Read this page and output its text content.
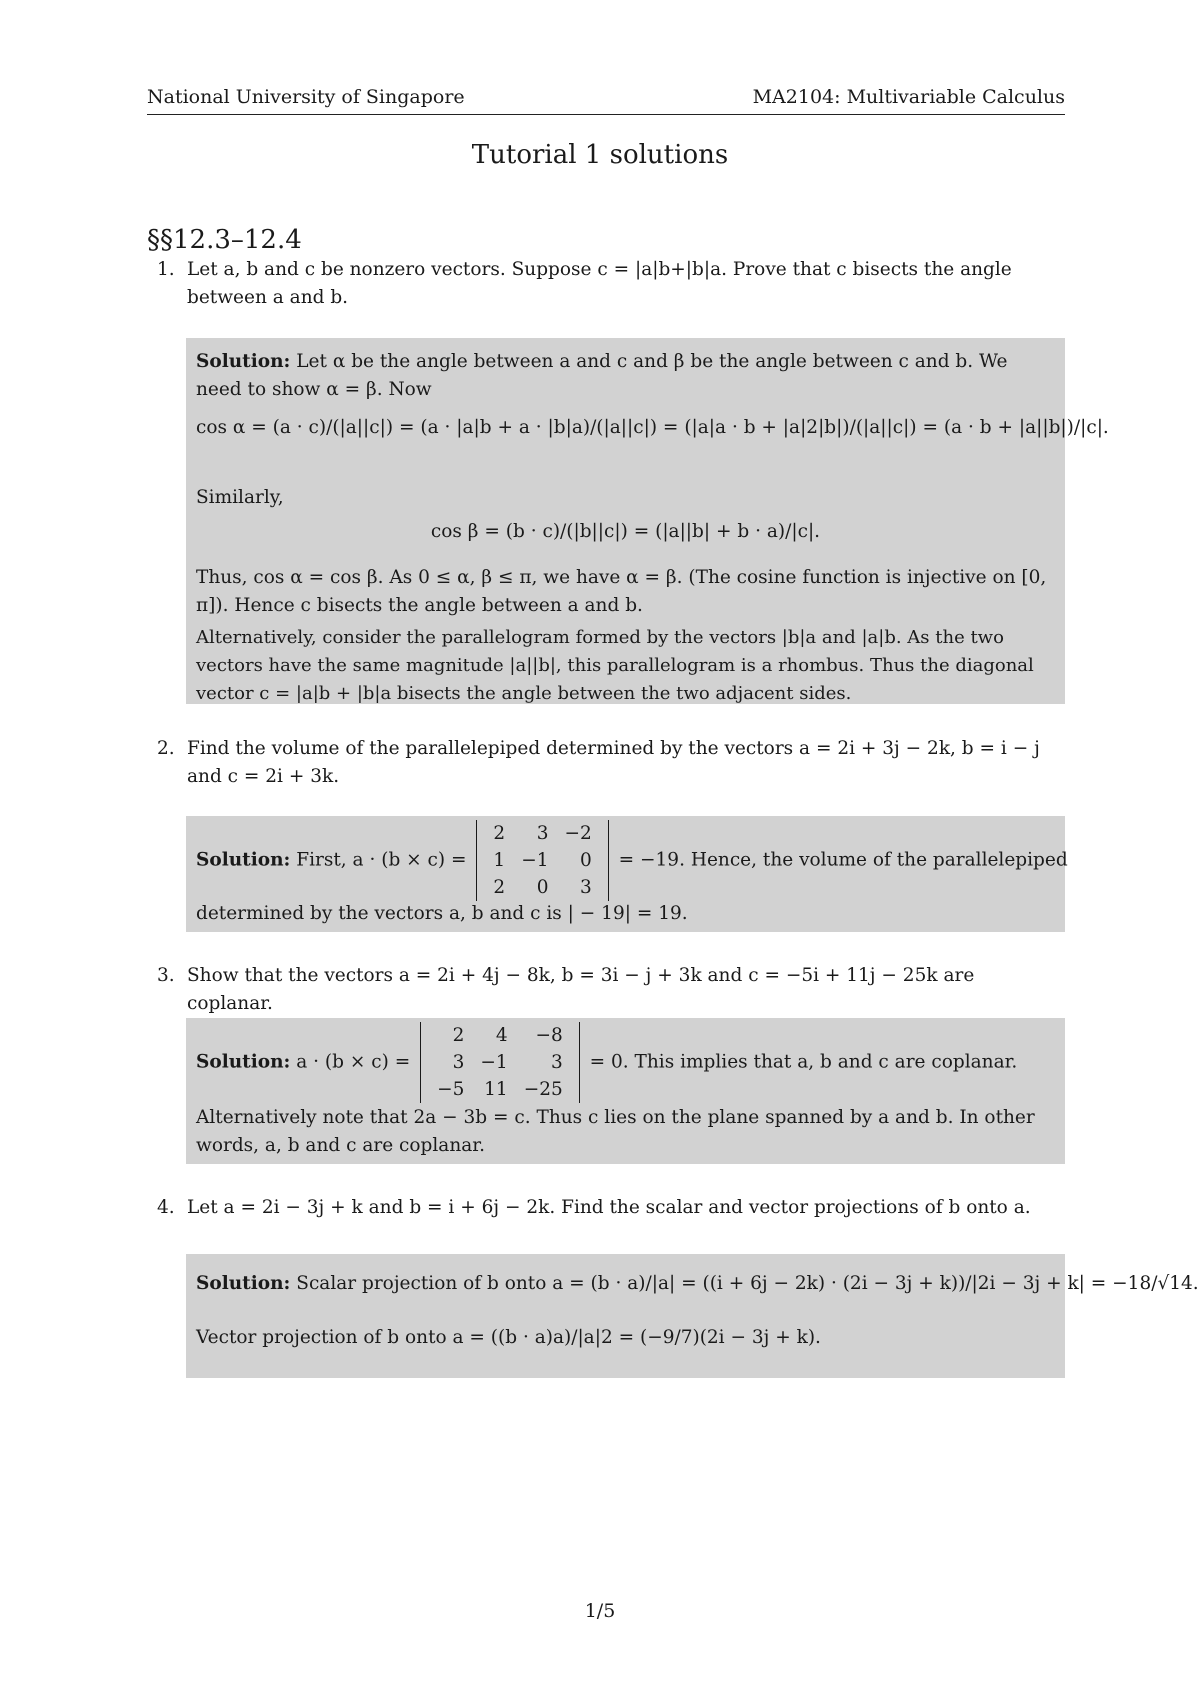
National University of Singapore	MA2104: Multivariable Calculus
Tutorial 1 solutions
§§12.3–12.4
1. Let a, b and c be nonzero vectors. Suppose c = |a|b+|b|a. Prove that c bisects the angle between a and b.
Solution: Let α be the angle between a and c and β be the angle between c and b. We need to show α = β. Now
cos α = (a · c)/(|a||c|) = (a · |a|b + a · |b|a)/(|a||c|) = (|a|a · b + |a|2|b|)/(|a||c|) = (a · b + |a||b|)/|c|.
Similarly,
cos β = (b · c)/(|b||c|) = (|a||b| + b · a)/|c|.
Thus, cos α = cos β. As 0 ≤ α, β ≤ π, we have α = β. (The cosine function is injective on [0, π]). Hence c bisects the angle between a and b.
Alternatively, consider the parallelogram formed by the vectors |b|a and |a|b. As the two vectors have the same magnitude |a||b|, this parallelogram is a rhombus. Thus the diagonal vector c = |a|b + |b|a bisects the angle between the two adjacent sides.
2. Find the volume of the parallelepiped determined by the vectors a = 2i + 3j − 2k, b = i − j and c = 2i + 3k.
Solution: First, a · (b × c) =
2	3	−2
1	−1	0
2	0	3
= −19. Hence, the volume of the parallelepiped
determined by the vectors a, b and c is | − 19| = 19.
3. Show that the vectors a = 2i + 4j − 8k, b = 3i − j + 3k and c = −5i + 11j − 25k are coplanar.
Solution: a · (b × c) =
2	4	−8
3	−1	3
−5	11	−25
= 0. This implies that a, b and c are coplanar.
Alternatively note that 2a − 3b = c. Thus c lies on the plane spanned by a and b. In other words, a, b and c are coplanar.
4. Let a = 2i − 3j + k and b = i + 6j − 2k. Find the scalar and vector projections of b onto a.
Solution: Scalar projection of b onto a = (b · a)/|a| = ((i + 6j − 2k) · (2i − 3j + k))/|2i − 3j + k| = −18/√14.
Vector projection of b onto a = ((b · a)a)/|a|2 = (−9/7)(2i − 3j + k).
1/5
